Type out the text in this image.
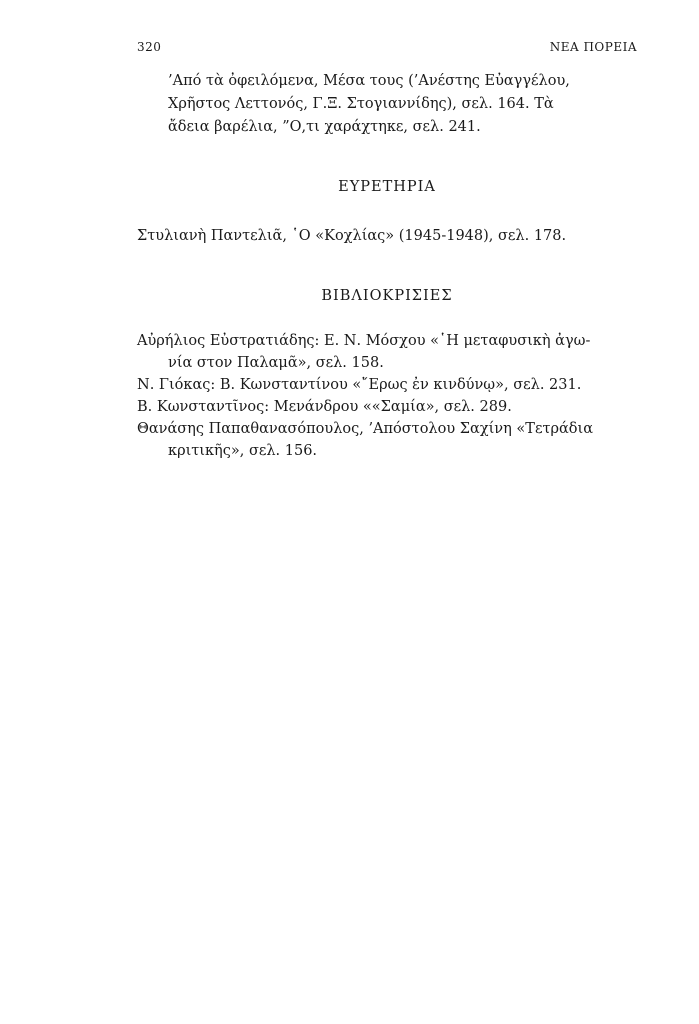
320	ΝΕΑ ΠΟΡΕΙΑ
’Από τὰ ὀφειλόμενα, Μέσα τους (’Ανέστης Εὐαγγέλου,
Χρῆστος Λεττονός, Γ.Ξ. Στογιαννίδης), σελ. 164. Τὰ
ἄδεια βαρέλια, ”Ο,τι χαράχτηκε, σελ. 241.
ΕΥΡΕΤΗΡΙΑ
Στυλιανὴ Παντελιᾶ, ῾Ο «Κοχλίας» (1945-1948), σελ. 178.
ΒΙΒΛΙΟΚΡΙΣΙΕΣ
Αὐρήλιος Εὐστρατιάδης: Ε. Ν. Μόσχου «῾Η μεταφυσικὴ ἀγω-
νία στον Παλαμᾶ», σελ. 158.
Ν. Γιόκας: Β. Κωνσταντίνου «῎Ερως ἐν κινδύνῳ», σελ. 231.
Β. Κωνσταντῖνος: Μενάνδρου ««Σαμία», σελ. 289.
Θανάσης Παπαθανασόπουλος, ’Απόστολου Σαχίνη «Τετράδια
κριτικῆς», σελ. 156.
